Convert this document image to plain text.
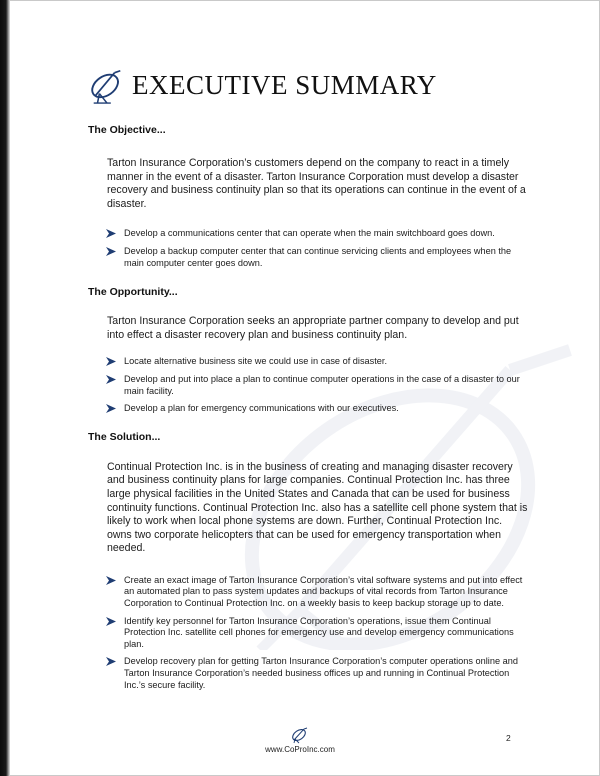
EXECUTIVE SUMMARY
The Objective...

Tarton Insurance Corporation’s customers depend on the company to react in a timely manner in the event of a disaster. Tarton Insurance Corporation must develop a disaster recovery and business continuity plan so that its operations can continue in the event of a disaster.

Develop a communications center that can operate when the main switchboard goes down.
Develop a backup computer center that can continue servicing clients and employees when the main computer center goes down.
The Opportunity...

Tarton Insurance Corporation seeks an appropriate partner company to develop and put into effect a disaster recovery plan and business continuity plan.

Locate alternative business site we could use in case of disaster.
Develop and put into place a plan to continue computer operations in the case of a disaster to our main facility.
Develop a plan for emergency communications with our executives.
The Solution...

Continual Protection Inc. is in the business of creating and managing disaster recovery and business continuity plans for large companies. Continual Protection Inc. has three large physical facilities in the United States and Canada that can be used for business continuity functions. Continual Protection Inc. also has a satellite cell phone system that is likely to work when local phone systems are down. Further, Continual Protection Inc. owns two corporate helicopters that can be used for emergency transportation when needed.

Create an exact image of Tarton Insurance Corporation’s vital software systems and put into effect an automated plan to pass system updates and backups of vital records from Tarton Insurance Corporation to Continual Protection Inc. on a weekly basis to keep backup storage up to date.
Identify key personnel for Tarton Insurance Corporation’s operations, issue them Continual Protection Inc. satellite cell phones for emergency use and develop emergency communications plan.
Develop recovery plan for getting Tarton Insurance Corporation’s computer operations online and Tarton Insurance Corporation’s needed business offices up and running in Continual Protection Inc.’s secure facility.
www.CoProInc.com
2
